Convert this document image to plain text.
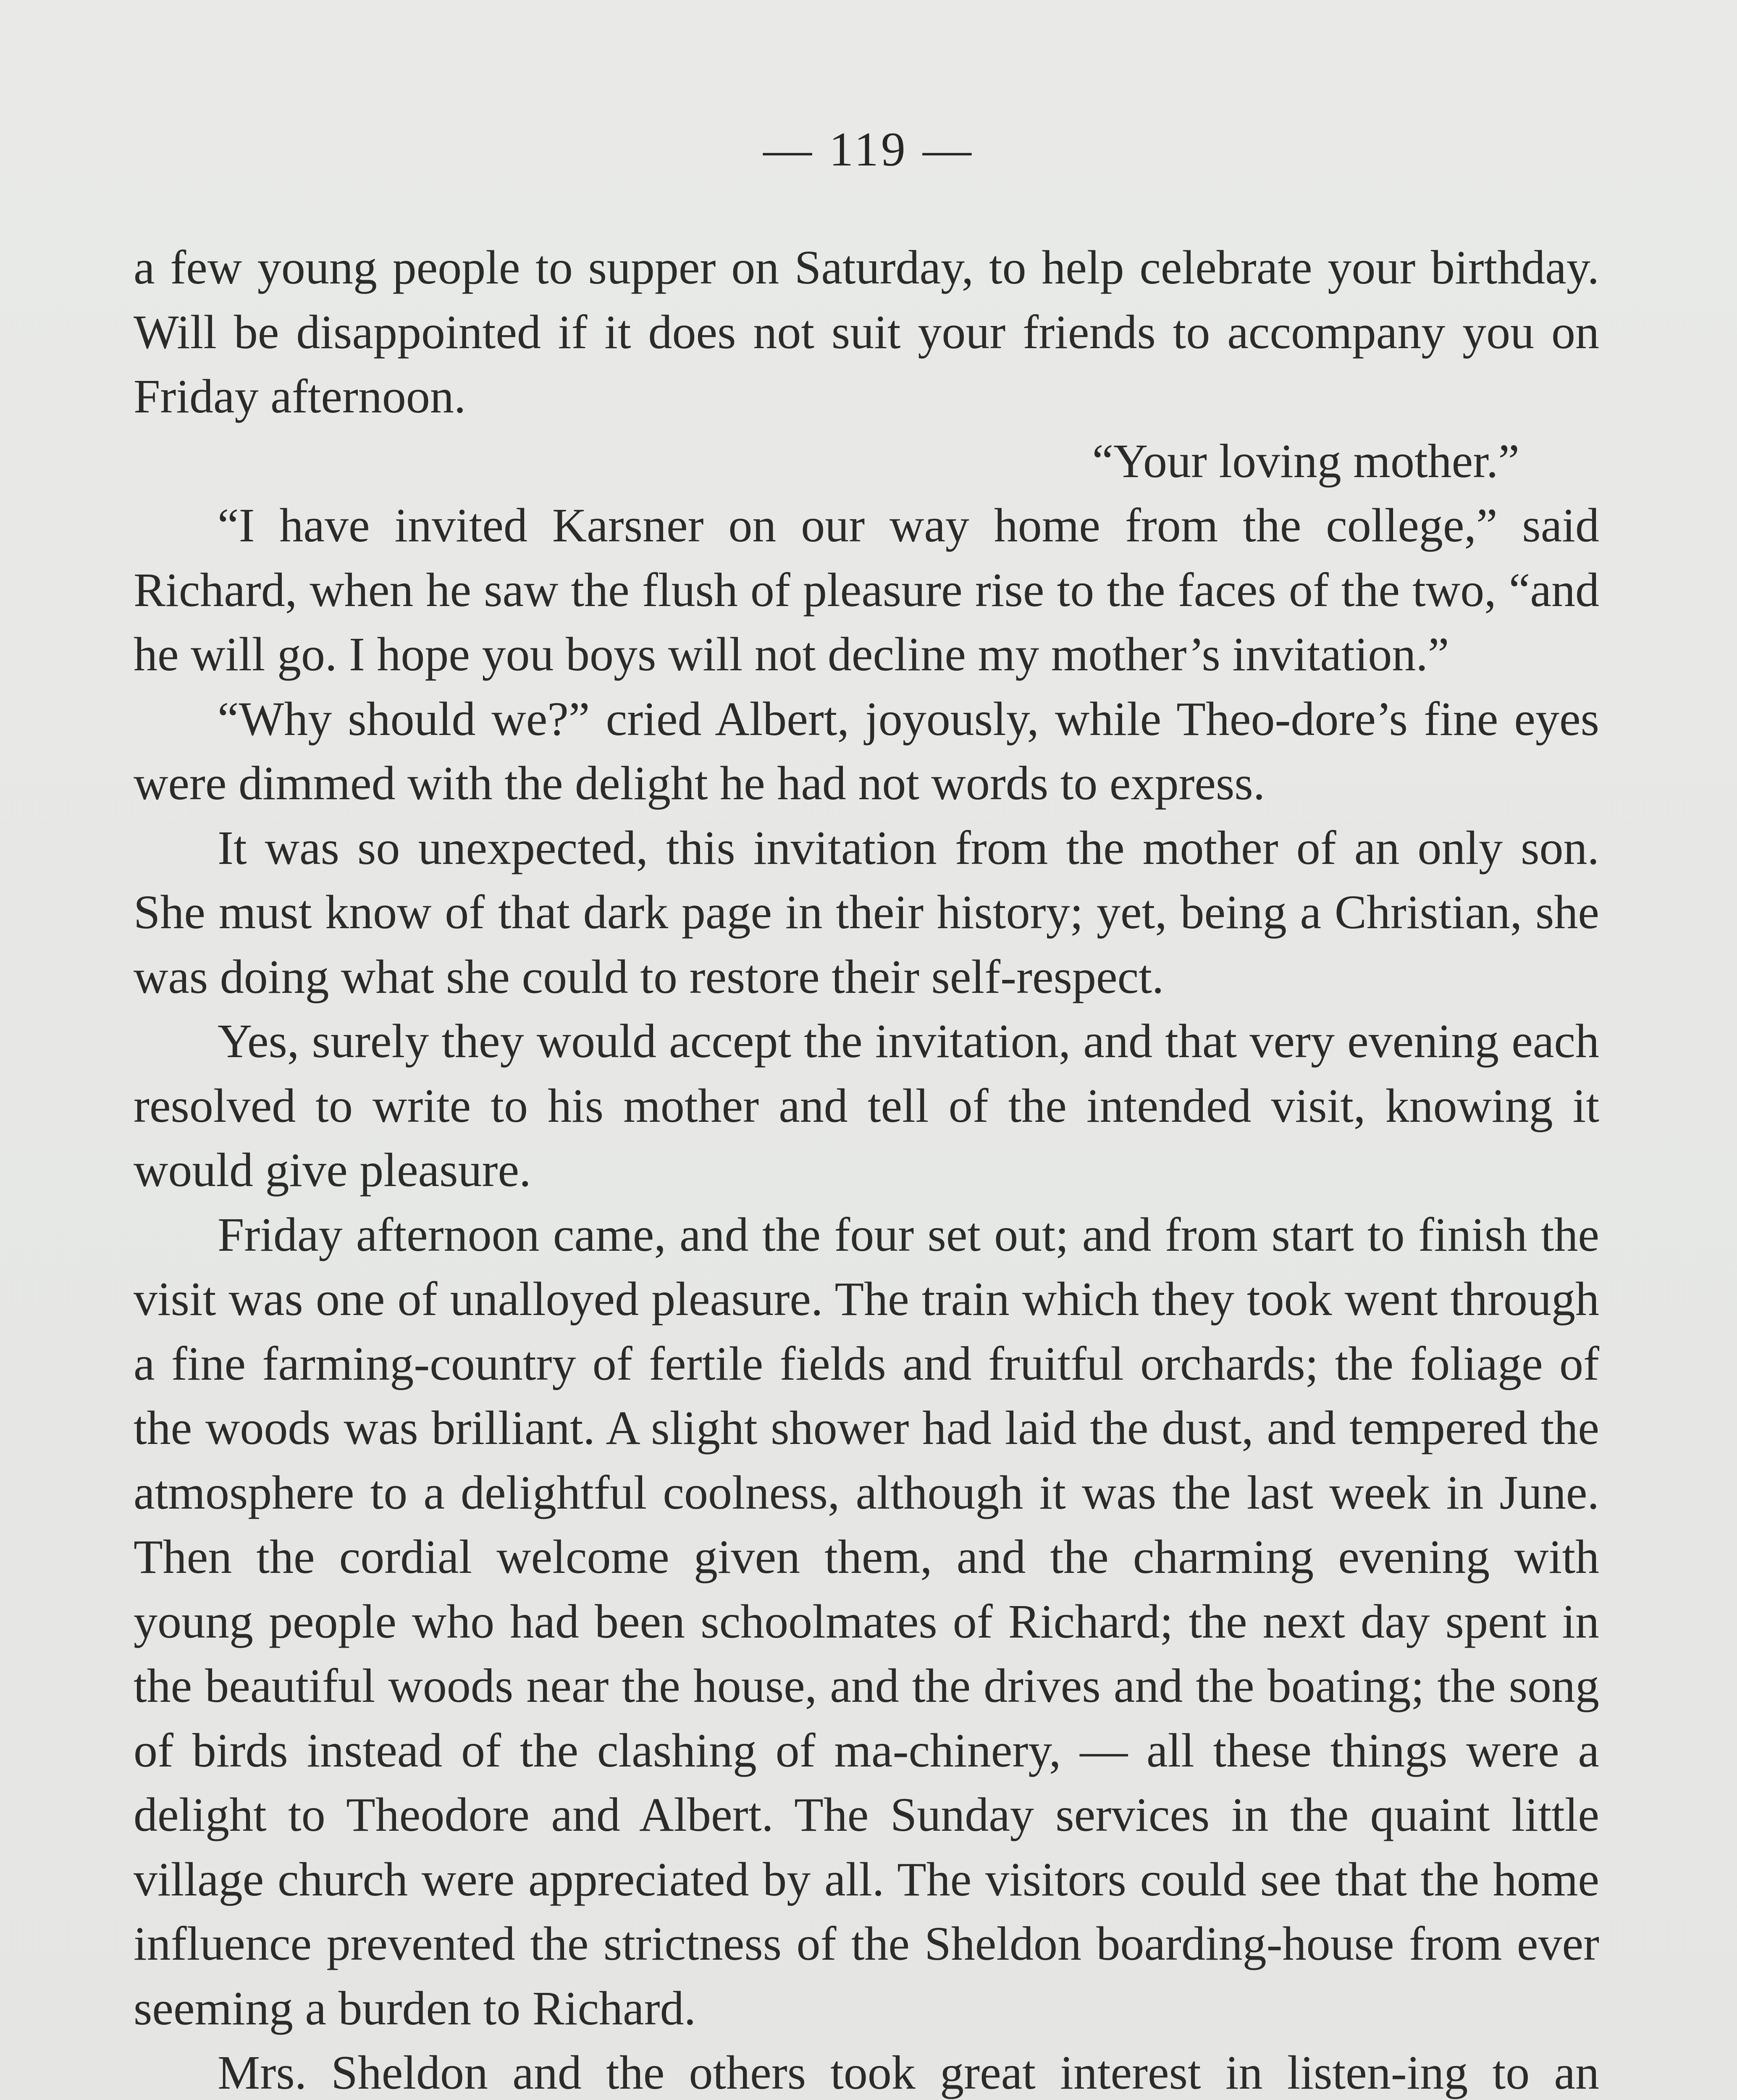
— 119 —

a few young people to supper on Saturday, to help celebrate your birthday. Will be disappointed if it does not suit your friends to accompany you on Friday afternoon.

“Your loving mother.”

“I have invited Karsner on our way home from the college,” said Richard, when he saw the flush of pleasure rise to the faces of the two, “and he will go. I hope you boys will not decline my mother’s invitation.”

“Why should we?” cried Albert, joyously, while Theo-dore’s fine eyes were dimmed with the delight he had not words to express.

It was so unexpected, this invitation from the mother of an only son. She must know of that dark page in their history; yet, being a Christian, she was doing what she could to restore their self-respect.

Yes, surely they would accept the invitation, and that very evening each resolved to write to his mother and tell of the intended visit, knowing it would give pleasure.

Friday afternoon came, and the four set out; and from start to finish the visit was one of unalloyed pleasure. The train which they took went through a fine farming-country of fertile fields and fruitful orchards; the foliage of the woods was brilliant. A slight shower had laid the dust, and tempered the atmosphere to a delightful coolness, although it was the last week in June. Then the cordial welcome given them, and the charming evening with young people who had been schoolmates of Richard; the next day spent in the beautiful woods near the house, and the drives and the boating; the song of birds instead of the clashing of ma-chinery, — all these things were a delight to Theodore and Albert. The Sunday services in the quaint little village church were appreciated by all. The visitors could see that the home influence prevented the strictness of the Sheldon boarding-house from ever seeming a burden to Richard.

Mrs. Sheldon and the others took great interest in listen-ing to an
